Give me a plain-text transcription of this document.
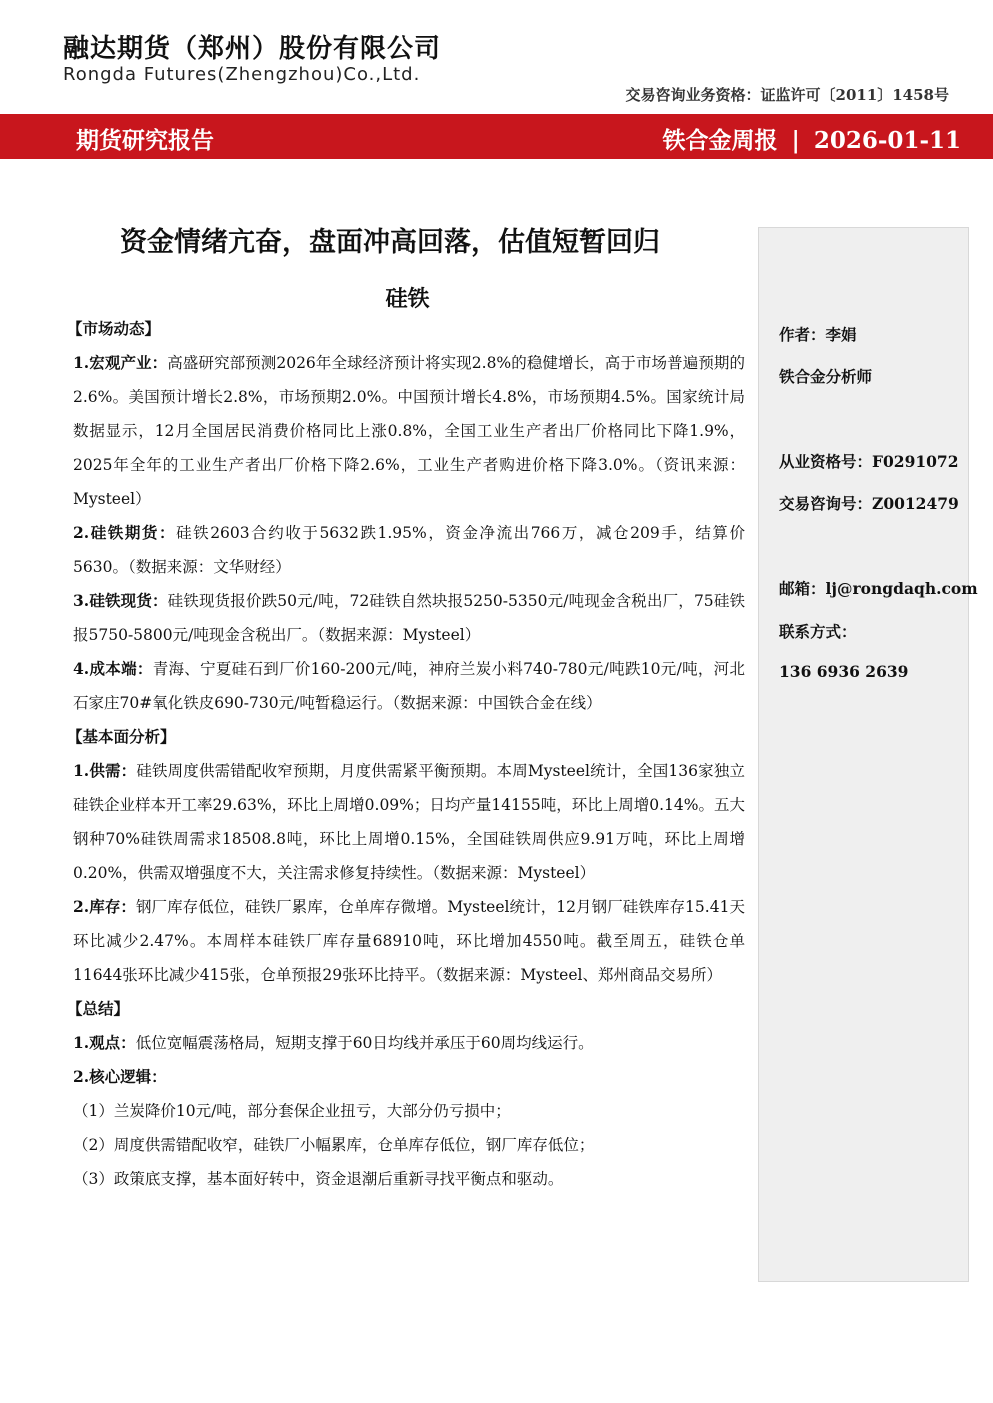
融达期货（郑州）股份有限公司
Rongda Futures(Zhengzhou)Co.,Ltd.
交易咨询业务资格：证监许可〔2011〕1458号
期货研究报告	铁合金周报 | 2026-01-11
资金情绪亢奋，盘面冲高回落，估值短暂回归
硅铁

【市场动态】

1.宏观产业：高盛研究部预测2026年全球经济预计将实现2.8%的稳健增长，高于市场普遍预期的2.6%。美国预计增长2.8%，市场预期2.0%。中国预计增长4.8%，市场预期4.5%。国家统计局数据显示，12月全国居民消费价格同比上涨0.8%，全国工业生产者出厂价格同比下降1.9%，2025年全年的工业生产者出厂价格下降2.6%，工业生产者购进价格下降3.0%。（资讯来源：Mysteel）

2.硅铁期货：硅铁2603合约收于5632跌1.95%，资金净流出766万，减仓209手，结算价5630。（数据来源：文华财经）

3.硅铁现货：硅铁现货报价跌50元/吨，72硅铁自然块报5250-5350元/吨现金含税出厂，75硅铁报5750-5800元/吨现金含税出厂。（数据来源：Mysteel）

4.成本端：青海、宁夏硅石到厂价160-200元/吨，神府兰炭小料740-780元/吨跌10元/吨，河北石家庄70#氧化铁皮690-730元/吨暂稳运行。（数据来源：中国铁合金在线）

【基本面分析】

1.供需：硅铁周度供需错配收窄预期，月度供需紧平衡预期。本周Mysteel统计，全国136家独立硅铁企业样本开工率29.63%，环比上周增0.09%；日均产量14155吨，环比上周增0.14%。五大钢种70%硅铁周需求18508.8吨，环比上周增0.15%，全国硅铁周供应9.91万吨，环比上周增0.20%，供需双增强度不大，关注需求修复持续性。（数据来源：Mysteel）

2.库存：钢厂库存低位，硅铁厂累库，仓单库存微增。Mysteel统计，12月钢厂硅铁库存15.41天环比减少2.47%。本周样本硅铁厂库存量68910吨，环比增加4550吨。截至周五，硅铁仓单11644张环比减少415张，仓单预报29张环比持平。（数据来源：Mysteel、郑州商品交易所）

【总结】

1.观点：低位宽幅震荡格局，短期支撑于60日均线并承压于60周均线运行。

2.核心逻辑：

（1）兰炭降价10元/吨，部分套保企业扭亏，大部分仍亏损中；

（2）周度供需错配收窄，硅铁厂小幅累库，仓单库存低位，钢厂库存低位；

（3）政策底支撑，基本面好转中，资金退潮后重新寻找平衡点和驱动。

作者：李娟
铁合金分析师
从业资格号：F0291072
交易咨询号：Z0012479
邮箱：lj@rongdaqh.com
联系方式：
136 6936 2639
